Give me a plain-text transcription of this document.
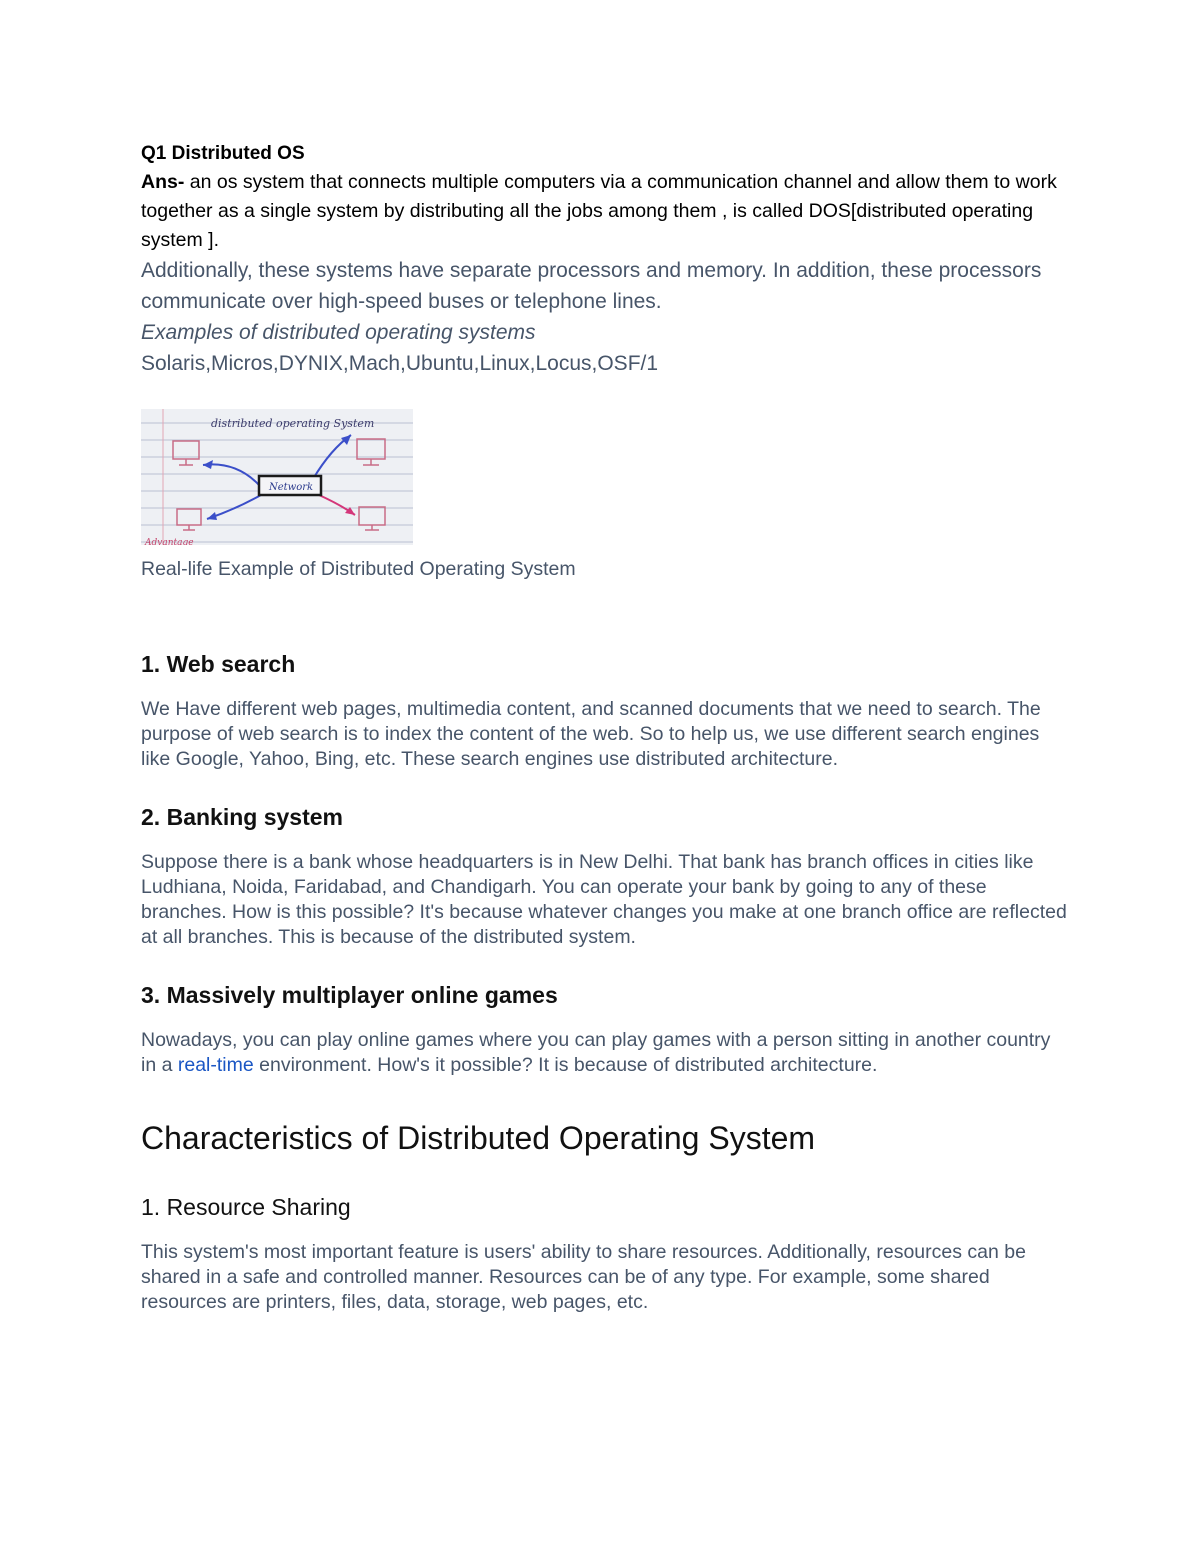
Q1 Distributed OS

Ans- an os system that connects multiple computers via a communication channel and allow them to work together as a single system by distributing all the jobs among them , is called DOS[distributed operating system ].

Additionally, these systems have separate processors and memory. In addition, these processors communicate over high-speed buses or telephone lines.

Examples of distributed operating systems

Solaris,Micros,DYNIX,Mach,Ubuntu,Linux,Locus,OSF/1

distributed operating System
Network
Advantage

Real-life Example of Distributed Operating System

1. Web search

We Have different web pages, multimedia content, and scanned documents that we need to search. The purpose of web search is to index the content of the web. So to help us, we use different search engines like Google, Yahoo, Bing, etc. These search engines use distributed architecture.

2. Banking system

Suppose there is a bank whose headquarters is in New Delhi. That bank has branch offices in cities like Ludhiana, Noida, Faridabad, and Chandigarh. You can operate your bank by going to any of these branches. How is this possible? It's because whatever changes you make at one branch office are reflected at all branches. This is because of the distributed system.

3. Massively multiplayer online games

Nowadays, you can play online games where you can play games with a person sitting in another country in a real-time environment. How's it possible? It is because of distributed architecture.

Characteristics of Distributed Operating System
1. Resource Sharing

This system's most important feature is users' ability to share resources. Additionally, resources can be shared in a safe and controlled manner. Resources can be of any type. For example, some shared resources are printers, files, data, storage, web pages, etc.
